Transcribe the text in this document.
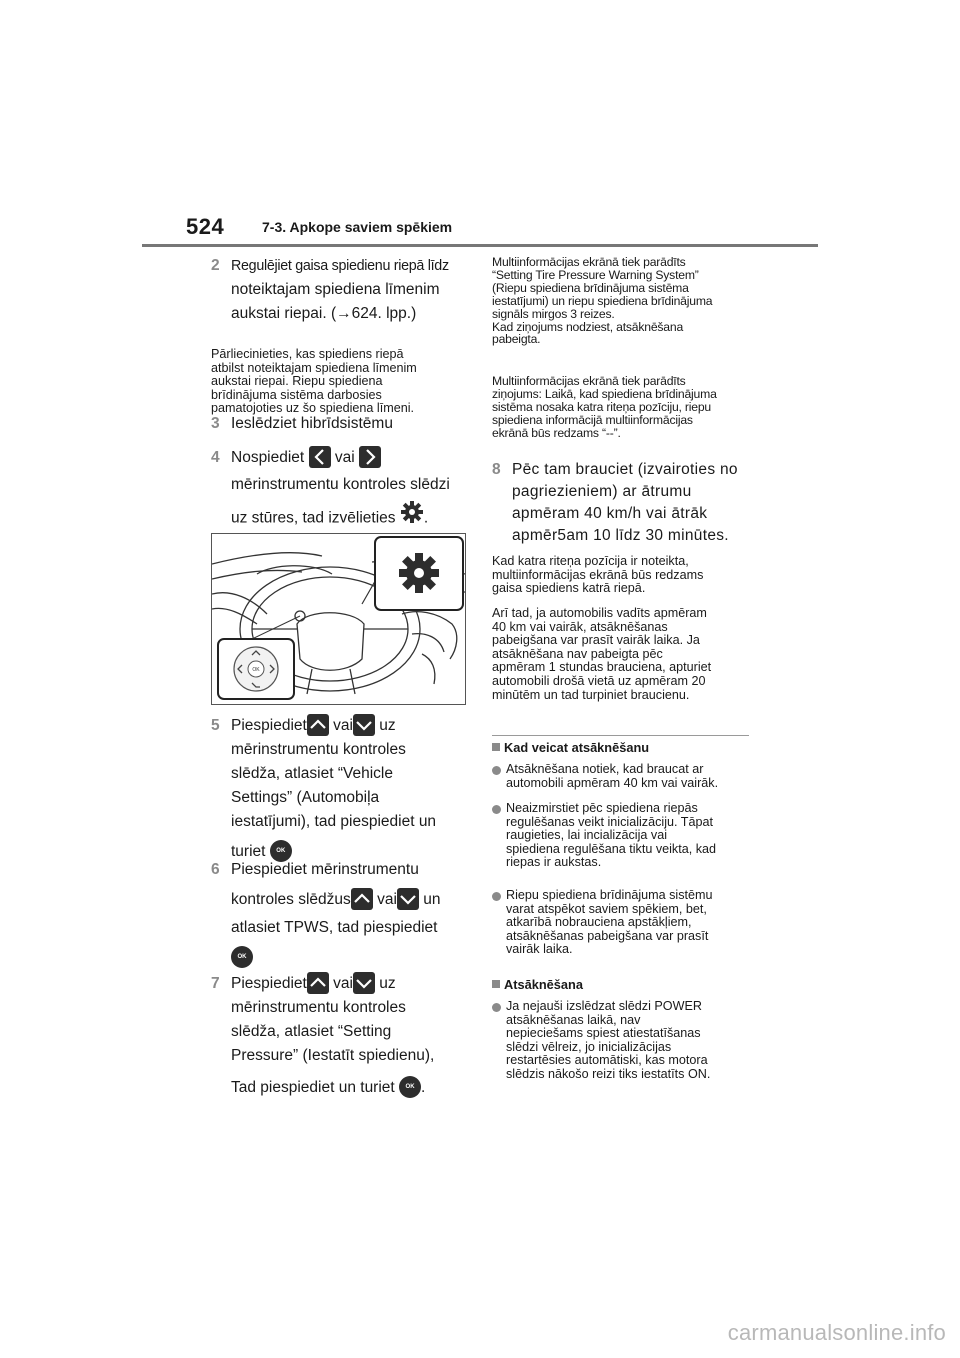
524	7-3. Apkope saviem spēkiem
2 Regulējiet gaisa spiedienu riepā līdz
noteiktajam spiediena līmenim
aukstai riepai. (→624. lpp.)
Pārliecinieties, kas spiediens riepā
atbilst noteiktajam spiediena līmenim
aukstai riepai. Riepu spiediena
brīdinājuma sistēma darbosies
pamatojoties uz šo spiediena līmeni.
3 Ieslēdziet hibrīdsistēmu
4 Nospiediet vai
mērinstrumentu kontroles slēdzi
uz stūres, tad izvēlieties .
OK
5 Piespiediet vai uz
mērinstrumentu kontroles
slēdža, atlasiet “Vehicle
Settings” (Automobiļa
iestatījumi), tad piespiediet un
turiet OK
6 Piespiediet mērinstrumentu
kontroles slēdžus vai un
atlasiet TPWS, tad piespiediet
OK
7 Piespiediet vai uz
mērinstrumentu kontroles
slēdža, atlasiet “Setting
Pressure” (Iestatīt spiedienu),
Tad piespiediet un turiet OK .
Multiinformācijas ekrānā tiek parādīts
“Setting Tire Pressure Warning System”
(Riepu spiediena brīdinājuma sistēma
iestatījumi) un riepu spiediena brīdinājuma
signāls mirgos 3 reizes.
Kad ziņojums nodziest, atsāknēšana
pabeigta.
Multiinformācijas ekrānā tiek parādīts
ziņojums: Laikā, kad spiediena brīdinājuma
sistēma nosaka katra riteņa pozīciju, riepu
spiediena informācijā multiinformācijas
ekrānā būs redzams “--”.
8 Pēc tam brauciet (izvairoties no
pagriezieniem) ar ātrumu
apmēram 40 km/h vai ātrāk
apmēr5am 10 līdz 30 minūtes.
Kad katra riteņa pozīcija ir noteikta,
multiinformācijas ekrānā būs redzams
gaisa spiediens katrā riepā.
Arī tad, ja automobilis vadīts apmēram
40 km vai vairāk, atsāknēšanas
pabeigšana var prasīt vairāk laika. Ja
atsāknēšana nav pabeigta pēc
apmēram 1 stundas brauciena, apturiet
automobili drošā vietā uz apmēram 20
minūtēm un tad turpiniet braucienu.
Kad veicat atsāknēšanu
Atsāknēšana notiek, kad braucat ar
automobili apmēram 40 km vai vairāk.
Neaizmirstiet pēc spiediena riepās
regulēšanas veikt inicializāciju. Tāpat
raugieties, lai incializācija vai
spiediena regulēšana tiktu veikta, kad
riepas ir aukstas.
Riepu spiediena brīdinājuma sistēmu
varat atspēkot saviem spēkiem, bet,
atkarībā nobrauciena apstākļiem,
atsāknēšanas pabeigšana var prasīt
vairāk laika.
Atsāknēšana
Ja nejauši izslēdzat slēdzi POWER
atsāknēšanas laikā, nav
nepieciešams spiest atiestatīšanas
slēdzi vēlreiz, jo inicializācijas
restartēsies automātiski, kas motora
slēdzis nākošo reizi tiks iestatīts ON.
carmanualsonline.info
